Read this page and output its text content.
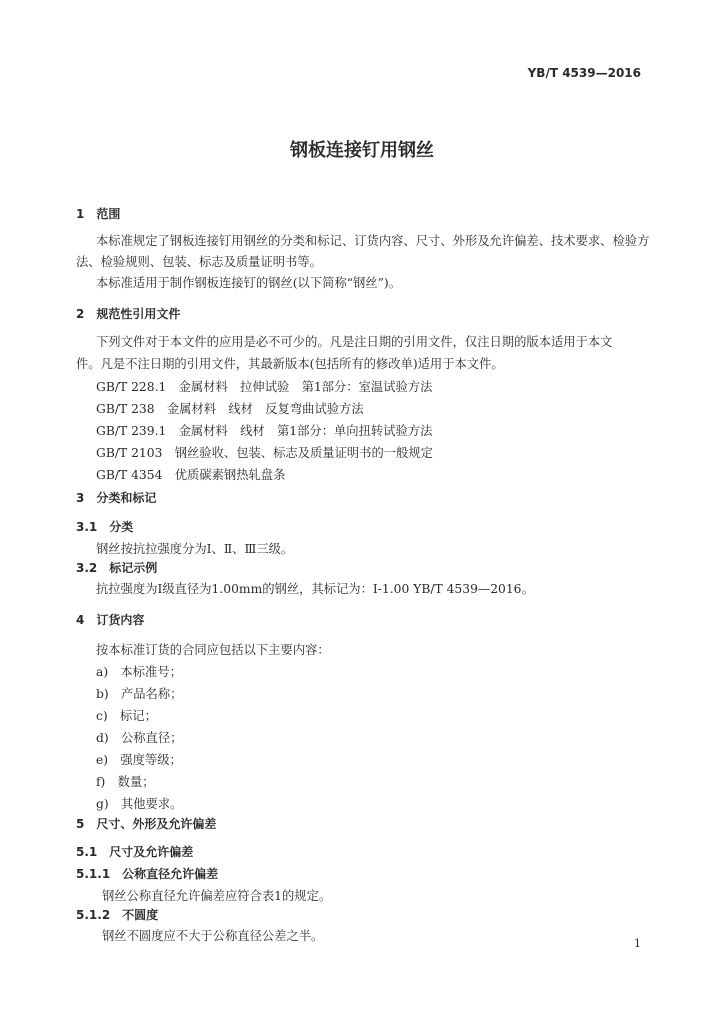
YB/T 4539—2016
钢板连接钉用钢丝
1　范围
本标准规定了钢板连接钉用钢丝的分类和标记、订货内容、尺寸、外形及允许偏差、技术要求、检验方
法、检验规则、包装、标志及质量证明书等。
本标准适用于制作钢板连接钉的钢丝(以下简称“钢丝”)。
2　规范性引用文件
下列文件对于本文件的应用是必不可少的。凡是注日期的引用文件，仅注日期的版本适用于本文
件。凡是不注日期的引用文件，其最新版本(包括所有的修改单)适用于本文件。
GB/T 228.1　金属材料　拉伸试验　第1部分：室温试验方法
GB/T 238　金属材料　线材　反复弯曲试验方法
GB/T 239.1　金属材料　线材　第1部分：单向扭转试验方法
GB/T 2103　钢丝验收、包装、标志及质量证明书的一般规定
GB/T 4354　优质碳素钢热轧盘条
3　分类和标记
3.1　分类
钢丝按抗拉强度分为Ⅰ、Ⅱ、Ⅲ三级。
3.2　标记示例
抗拉强度为Ⅰ级直径为1.00mm的钢丝，其标记为：Ⅰ-1.00 YB/T 4539—2016。
4　订货内容
按本标准订货的合同应包括以下主要内容：
a)　本标准号；
b)　产品名称；
c)　标记；
d)　公称直径；
e)　强度等级；
f)　数量；
g)　其他要求。
5　尺寸、外形及允许偏差
5.1　尺寸及允许偏差
5.1.1　公称直径允许偏差
钢丝公称直径允许偏差应符合表1的规定。
5.1.2　不圆度
钢丝不圆度应不大于公称直径公差之半。
1
